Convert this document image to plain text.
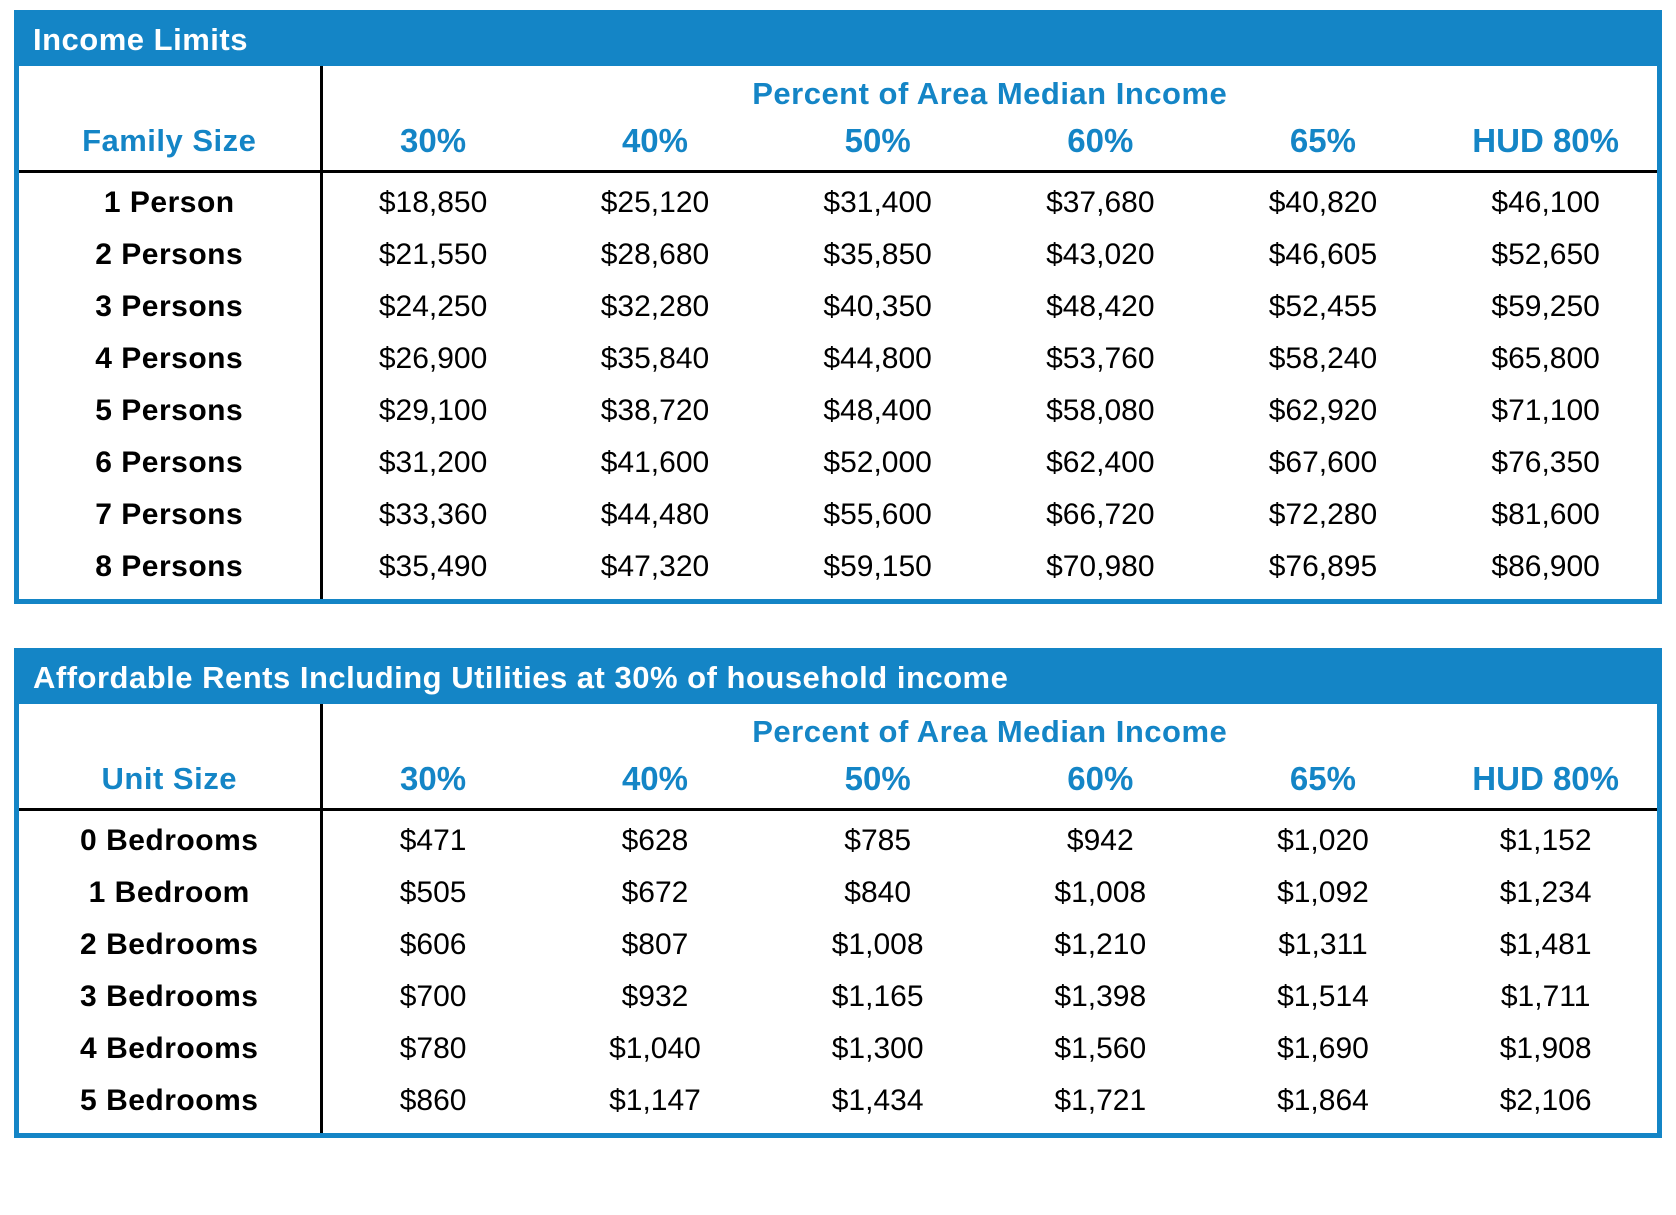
Income Limits
	Percent of Area Median Income					
Family Size	30%	40%	50%	60%	65%	HUD 80%
1 Person	$18,850	$25,120	$31,400	$37,680	$40,820	$46,100
2 Persons	$21,550	$28,680	$35,850	$43,020	$46,605	$52,650
3 Persons	$24,250	$32,280	$40,350	$48,420	$52,455	$59,250
4 Persons	$26,900	$35,840	$44,800	$53,760	$58,240	$65,800
5 Persons	$29,100	$38,720	$48,400	$58,080	$62,920	$71,100
6 Persons	$31,200	$41,600	$52,000	$62,400	$67,600	$76,350
7 Persons	$33,360	$44,480	$55,600	$66,720	$72,280	$81,600
8 Persons	$35,490	$47,320	$59,150	$70,980	$76,895	$86,900
Affordable Rents Including Utilities at 30% of household income
	Percent of Area Median Income					
Unit Size	30%	40%	50%	60%	65%	HUD 80%
0 Bedrooms	$471	$628	$785	$942	$1,020	$1,152
1 Bedroom	$505	$672	$840	$1,008	$1,092	$1,234
2 Bedrooms	$606	$807	$1,008	$1,210	$1,311	$1,481
3 Bedrooms	$700	$932	$1,165	$1,398	$1,514	$1,711
4 Bedrooms	$780	$1,040	$1,300	$1,560	$1,690	$1,908
5 Bedrooms	$860	$1,147	$1,434	$1,721	$1,864	$2,106
